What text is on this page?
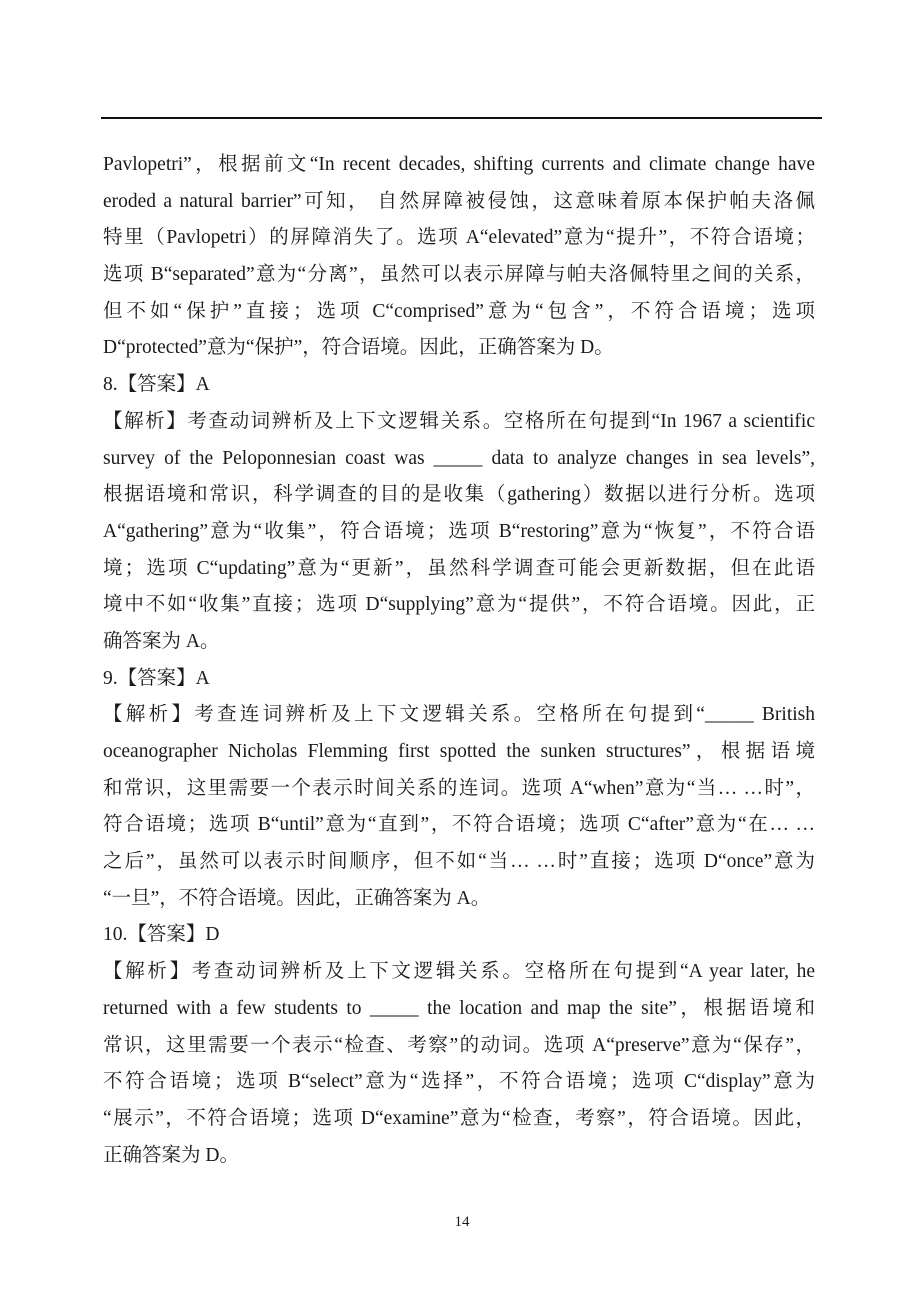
Pavlopetri”，根据前文“In recent decades, shifting currents and climate change have
eroded a natural barrier”可知， 自然屏障被侵蚀，这意味着原本保护帕夫洛佩
特里（Pavlopetri）的屏障消失了。选项 A“elevated”意为“提升”，不符合语境；
选项 B“separated”意为“分离”，虽然可以表示屏障与帕夫洛佩特里之间的关系，
但不如“保护”直接；选项 C“comprised”意为“包含”，不符合语境；选项
D“protected”意为“保护”，符合语境。因此，正确答案为 D。
8.【答案】A
【解析】考查动词辨析及上下文逻辑关系。空格所在句提到“In 1967 a scientific
survey of the Peloponnesian coast was _____ data to analyze changes in sea levels”,
根据语境和常识，科学调查的目的是收集（gathering）数据以进行分析。选项
A“gathering”意为“收集”，符合语境；选项 B“restoring”意为“恢复”，不符合语
境；选项 C“updating”意为“更新”，虽然科学调查可能会更新数据，但在此语
境中不如“收集”直接；选项 D“supplying”意为“提供”，不符合语境。因此，正
确答案为 A。
9.【答案】A
【解析】考查连词辨析及上下文逻辑关系。空格所在句提到“_____ British
oceanographer Nicholas Flemming first spotted the sunken structures”，根据语境
和常识，这里需要一个表示时间关系的连词。选项 A“when”意为“当… …时”，
符合语境；选项 B“until”意为“直到”，不符合语境；选项 C“after”意为“在… …
之后”，虽然可以表示时间顺序，但不如“当… …时”直接；选项 D“once”意为
“一旦”，不符合语境。因此，正确答案为 A。
10.【答案】D
【解析】考查动词辨析及上下文逻辑关系。空格所在句提到“A year later, he
returned with a few students to _____ the location and map the site”，根据语境和
常识，这里需要一个表示“检查、考察”的动词。选项 A“preserve”意为“保存”，
不符合语境；选项 B“select”意为“选择”，不符合语境；选项 C“display”意为
“展示”，不符合语境；选项 D“examine”意为“检查，考察”，符合语境。因此，
正确答案为 D。
14
